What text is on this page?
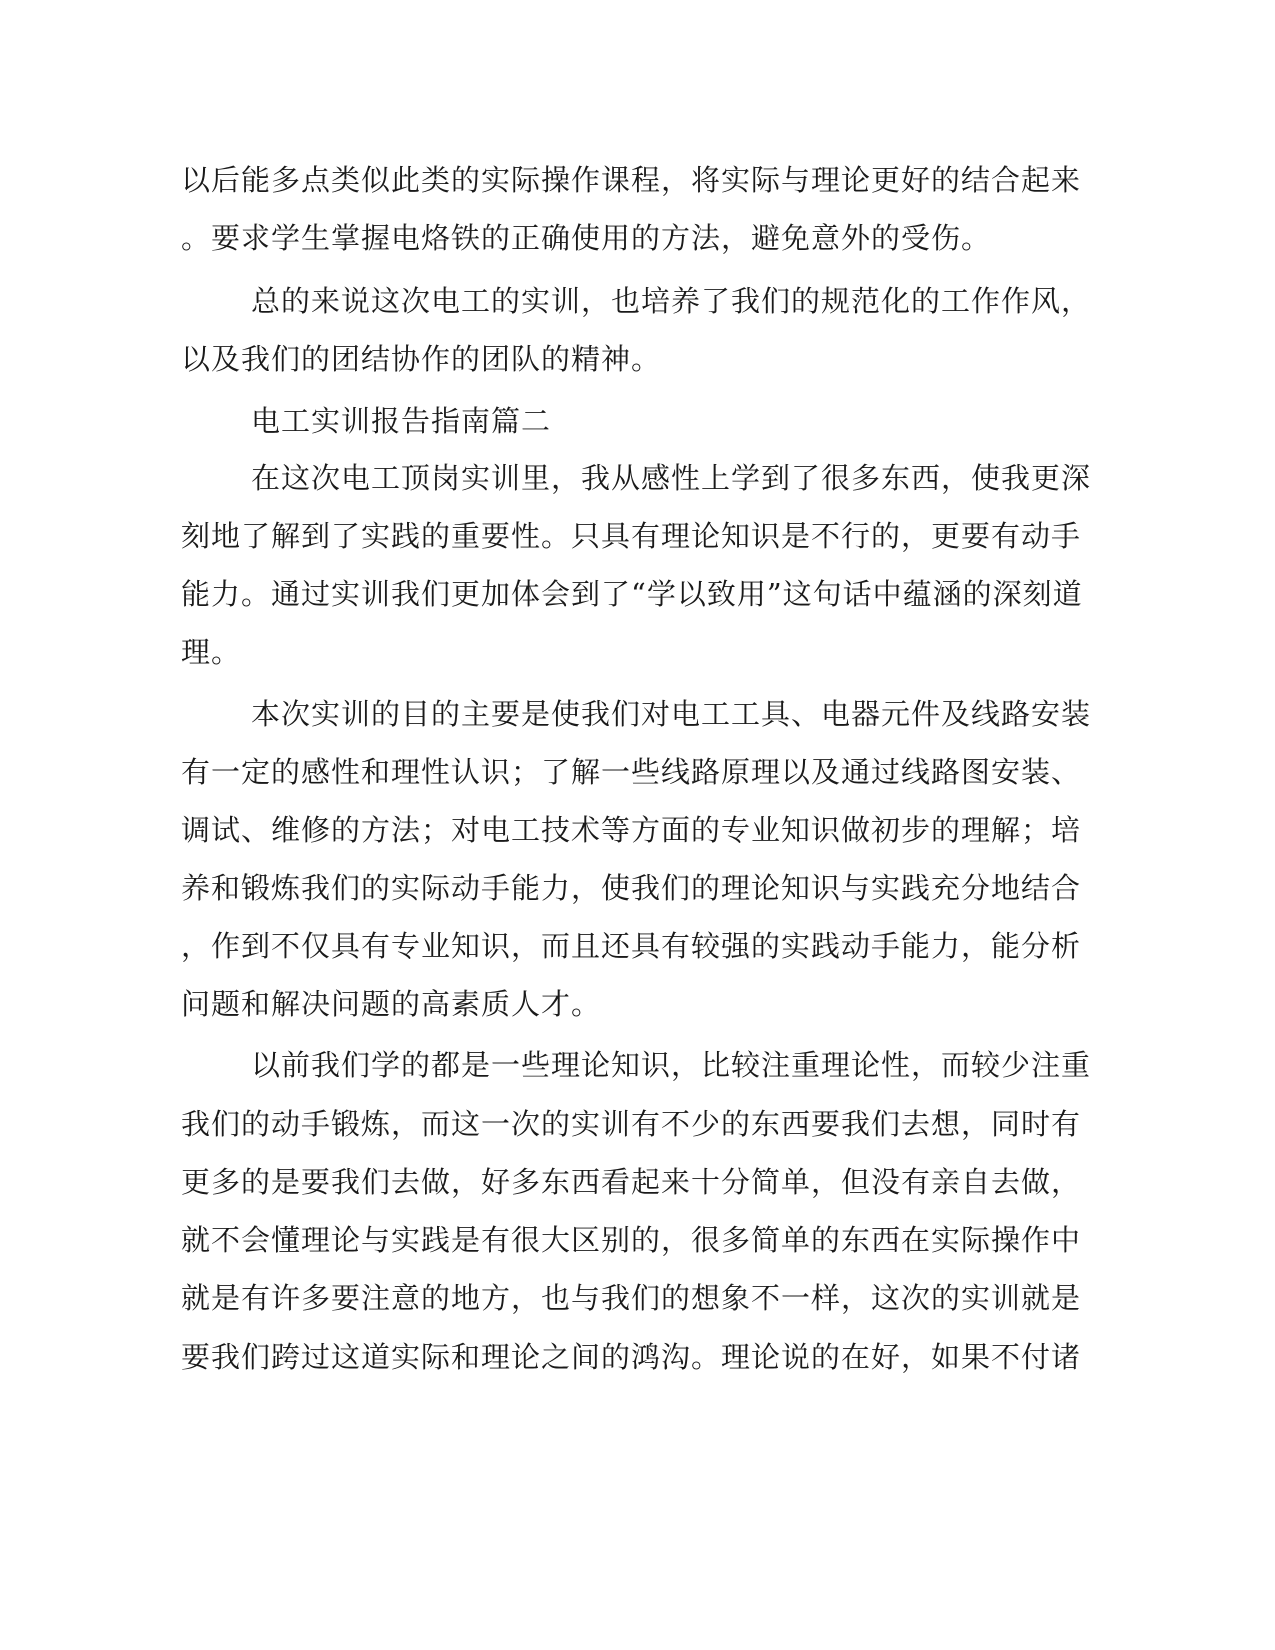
以后能多点类似此类的实际操作课程，将实际与理论更好的结合起来
。要求学生掌握电烙铁的正确使用的方法，避免意外的受伤。
总的来说这次电工的实训，也培养了我们的规范化的工作作风，
以及我们的团结协作的团队的精神。
电工实训报告指南篇二
在这次电工顶岗实训里，我从感性上学到了很多东西，使我更深
刻地了解到了实践的重要性。只具有理论知识是不行的，更要有动手
能力。通过实训我们更加体会到了“学以致用”这句话中蕴涵的深刻道
理。
本次实训的目的主要是使我们对电工工具、电器元件及线路安装
有一定的感性和理性认识；了解一些线路原理以及通过线路图安装、
调试、维修的方法；对电工技术等方面的专业知识做初步的理解；培
养和锻炼我们的实际动手能力，使我们的理论知识与实践充分地结合
，作到不仅具有专业知识，而且还具有较强的实践动手能力，能分析
问题和解决问题的高素质人才。
以前我们学的都是一些理论知识，比较注重理论性，而较少注重
我们的动手锻炼，而这一次的实训有不少的东西要我们去想，同时有
更多的是要我们去做，好多东西看起来十分简单，但没有亲自去做，
就不会懂理论与实践是有很大区别的，很多简单的东西在实际操作中
就是有许多要注意的地方，也与我们的想象不一样，这次的实训就是
要我们跨过这道实际和理论之间的鸿沟。理论说的在好，如果不付诸
